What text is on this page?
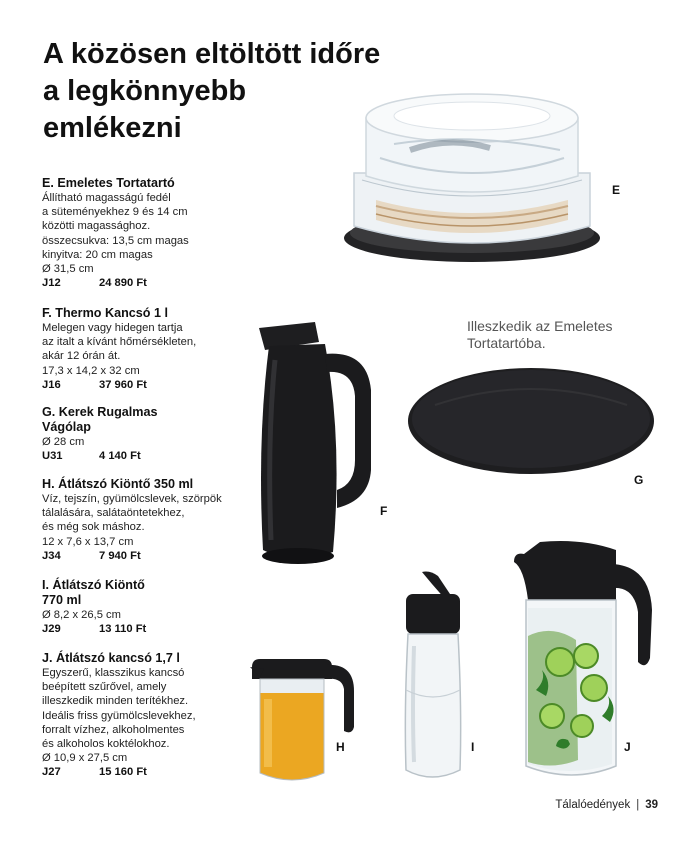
A közösen eltöltött időre
a legkönnyebb
emlékezni
E. Emeletes Tortatartó
Állítható magasságú fedél
a süteményekhez 9 és 14 cm
közötti magassághoz.
összecsukva: 13,5 cm magas
kinyitva: 20 cm magas
Ø 31,5 cm
J12	24 890 Ft
F. Thermo Kancsó 1 l
Melegen vagy hidegen tartja
az italt a kívánt hőmérsékleten,
akár 12 órán át.
17,3 x 14,2 x 32 cm
J16	37 960 Ft
G. Kerek Rugalmas
Vágólap
Ø 28 cm
U31	4 140 Ft
H. Átlátszó Kiöntő 350 ml
Víz, tejszín, gyümölcslevek, szörpök
tálalására, salátaöntetekhez,
és még sok máshoz.
12 x 7,6 x 13,7 cm
J34	7 940 Ft
I. Átlátszó Kiöntő
770 ml
Ø 8,2 x 26,5 cm
J29	13 110 Ft
J. Átlátszó kancsó 1,7 l
Egyszerű, klasszikus kancsó
beépített szűrővel, amely
illeszkedik minden terítékhez.
Ideális friss gyümölcslevekhez,
forralt vízhez, alkoholmentes
és alkoholos koktélokhoz.
Ø 10,9 x 27,5 cm
J27	15 160 Ft
E
F
G
H	I	J
Illeszkedik az Emeletes
Tortatartóba.
Tálalóedények | 39
